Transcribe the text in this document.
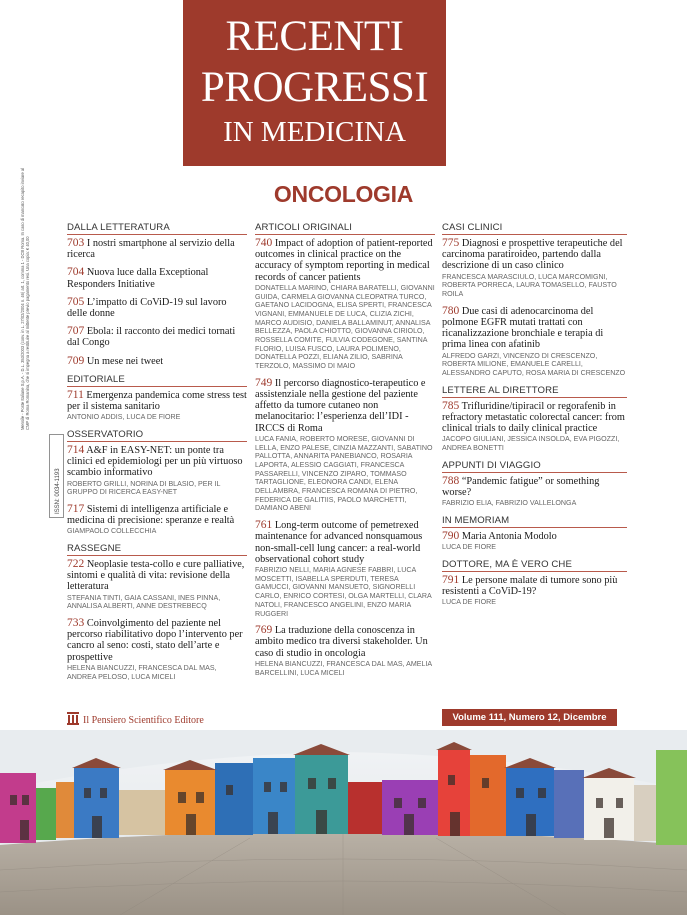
RECENTI
PROGRESSI
IN MEDICINA
ONCOLOGIA
DALLA LETTERATURA
703 I nostri smartphone al servizio della ricerca
704 Nuova luce dalla Exceptional Responders Initiative
705 L’impatto di CoViD-19 sul lavoro delle donne
707 Ebola: il racconto dei medici tornati dal Congo
709 Un mese nei tweet
EDITORIALE
711 Emergenza pandemica come stress test per il sistema sanitario
ANTONIO ADDIS, LUCA DE FIORE
OSSERVATORIO
714 A&F in EASY-NET: un ponte tra clinici ed epidemiologi per un più virtuoso scambio informativo
ROBERTO GRILLI, NORINA DI BLASIO, PER IL GRUPPO DI RICERCA EASY-NET
717 Sistemi di intelligenza artificiale e medicina di precisione: speranze e realtà
GIAMPAOLO COLLECCHIA
RASSEGNE
722 Neoplasie testa-collo e cure palliative, sintomi e qualità di vita: revisione della letteratura
STEFANIA TINTI, GAIA CASSANI, INES PINNA, ANNALISA ALBERTI, ANNE DESTREBECQ
733 Coinvolgimento del paziente nel percorso riabilitativo dopo l’intervento per cancro al seno: costi, stato dell’arte e prospettive
HELENA BIANCUZZI, FRANCESCA DAL MAS, ANDREA PELOSO, LUCA MICELI
ARTICOLI ORIGINALI
740 Impact of adoption of patient-reported outcomes in clinical practice on the accuracy of symptom reporting in medical records of cancer patients
DONATELLA MARINO, CHIARA BARATELLI, GIOVANNI GUIDA, CARMELA GIOVANNA CLEOPATRA TURCO, GAETANO LACIDOGNA, ELISA SPERTI, FRANCESCA VIGNANI, EMMANUELE DE LUCA, CLIZIA ZICHI, MARCO AUDISIO, DANIELA BALLAMINUT, ANNALISA BELLEZZA, PAOLA CHIOTTO, GIOVANNA CIRIOLO, ROSSELLA COMITE, FULVIA CODEGONE, SANTINA FLORIO, LUISA FUSCO, LAURA POLIMENO, DONATELLA POZZI, ELIANA ZILIO, SABRINA TERZOLO, MASSIMO DI MAIO
749 Il percorso diagnostico-terapeutico e assistenziale nella gestione del paziente affetto da tumore cutaneo non melanocitario: l’esperienza dell’IDI - IRCCS di Roma
LUCA FANIA, ROBERTO MORESE, GIOVANNI DI LELLA, ENZO PALESE, CINZIA MAZZANTI, SABATINO PALLOTTA, ANNARITA PANEBIANCO, ROSARIA LAPORTA, ALESSIO CAGGIATI, FRANCESCA PASSARELLI, VINCENZO ZIPARO, TOMMASO TARTAGLIONE, ELEONORA CANDI, ELENA DELLAMBRA, FRANCESCA ROMANA DI PIETRO, FEDERICA DE GALITIIS, PAOLO MARCHETTI, DAMIANO ABENI
761 Long-term outcome of pemetrexed maintenance for advanced nonsquamous non-small-cell lung cancer: a real-world observational cohort study
FABRIZIO NELLI, MARIA AGNESE FABBRI, LUCA MOSCETTI, ISABELLA SPERDUTI, TERESA GAMUCCI, GIOVANNI MANSUETO, SIGNORELLI CARLO, ENRICO CORTESI, OLGA MARTELLI, CLARA NATOLI, FRANCESCO ANGELINI, ENZO MARIA RUGGERI
769 La traduzione della conoscenza in ambito medico tra diversi stakeholder. Un caso di studio in oncologia
HELENA BIANCUZZI, FRANCESCA DAL MAS, AMELIA BARCELLINI, LUCA MICELI
CASI CLINICI
775 Diagnosi e prospettive terapeutiche del carcinoma paratiroideo, partendo dalla descrizione di un caso clinico
FRANCESCA MARASCIULO, LUCA MARCOMIGNI, ROBERTA PORRECA, LAURA TOMASELLO, FAUSTO ROILA
780 Due casi di adenocarcinoma del polmone EGFR mutati trattati con ricanalizzazione bronchiale e terapia di prima linea con afatinib
ALFREDO GARZI, VINCENZO DI CRESCENZO, ROBERTA MILIONE, EMANUELE CARELLI, ALESSANDRO CAPUTO, ROSA MARIA DI CRESCENZO
LETTERE AL DIRETTORE
785 Trifluridine/tipiracil or regorafenib in refractory metastatic colorectal cancer: from clinical trials to daily clinical practice
JACOPO GIULIANI, JESSICA INSOLDA, EVA PIGOZZI, ANDREA BONETTI
APPUNTI DI VIAGGIO
788 “Pandemic fatigue” or something worse?
FABRIZIO ELIA, FABRIZIO VALLELONGA
IN MEMORIAM
790 Maria Antonia Modolo
LUCA DE FIORE
DOTTORE, MA È VERO CHE
791 Le persone malate di tumore sono più resistenti a CoViD-19?
LUCA DE FIORE
Mensile - Poste Italiane S.p.A. - D.L. 353/2003 (conv. in L. 27/02/2004 n. 46) art. 1, comma 1 - DCB Roma. In caso di mancato recapito inviare al CMP di Roma Romanina, che si impegna a restituire al mittente previo pagamento resi. Una copia: € 40,00
ISSN: 0034-1193
Il Pensiero Scientifico Editore	Volume 111, Numero 12, Dicembre
